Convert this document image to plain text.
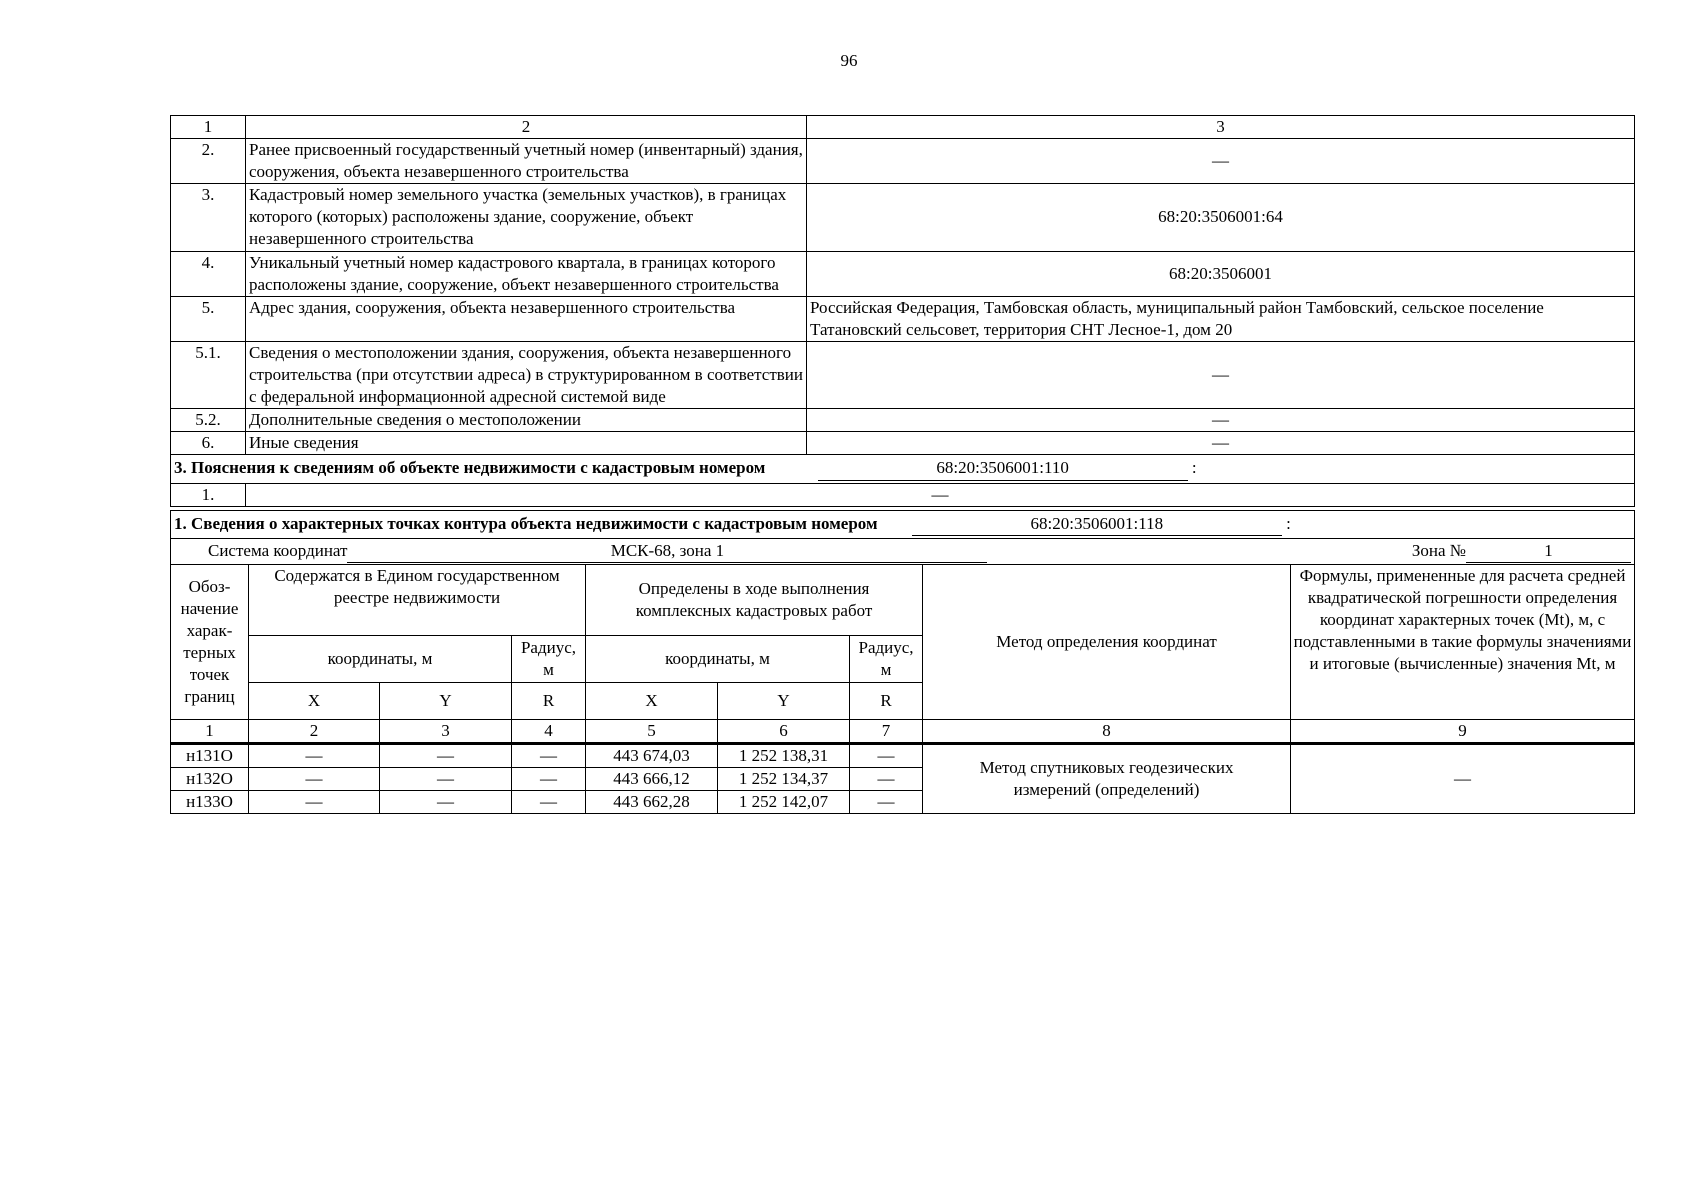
96
1	2	3
2.	Ранее присвоенный государственный учетный номер (инвентарный) здания, сооружения, объекта незавершенного строительства	—
3.	Кадастровый номер земельного участка (земельных участков), в границах которого (которых) расположены здание, сооружение, объект незавершенного строительства	68:20:3506001:64
4.	Уникальный учетный номер кадастрового квартала, в границах которого расположены здание, сооружение, объект незавершенного строительства	68:20:3506001
5.	Адрес здания, сооружения, объекта незавершенного строительства	Российская Федерация, Тамбовская область, муниципальный район Тамбовский, сельское поселение Татановский сельсовет, территория СНТ Лесное-1, дом 20
5.1.	Сведения о местоположении здания, сооружения, объекта незавершенного строительства (при отсутствии адреса) в структурированном в соответствии с федеральной информационной адресной системой виде	—
5.2.	Дополнительные сведения о местоположении	—
6.	Иные сведения	—
3. Пояснения к сведениям об объекте недвижимости с кадастровым номером 68:20:3506001:110 :		
1.	—	

1. Сведения о характерных точках контура объекта недвижимости с кадастровым номером 68:20:3506001:118 :		
Система координат МСК-68, зона 1 Зона № 1		
Обоз-начение харак-терных точек границ	Содержатся в Едином государственном реестре недвижимости			Определены в ходе выполнения комплексных кадастровых работ			Метод определения координат	Формулы, примененные для расчета средней квадратической погрешности определения координат характерных точек (Mt), м, с подставленными в такие формулы значениями и итоговые (вычисленные) значения Mt, м
	координаты, м		Радиус, м	координаты, м		Радиус, м		
	X	Y	R	X	Y	R		
1	2	3	4	5	6	7	8	9
н131О	—	—	—	443 674,03	1 252 138,31	—	Метод спутниковых геодезических измерений (определений)	—
н132О	—	—	—	443 666,12	1 252 134,37	—		
н133О	—	—	—	443 662,28	1 252 142,07	—		
